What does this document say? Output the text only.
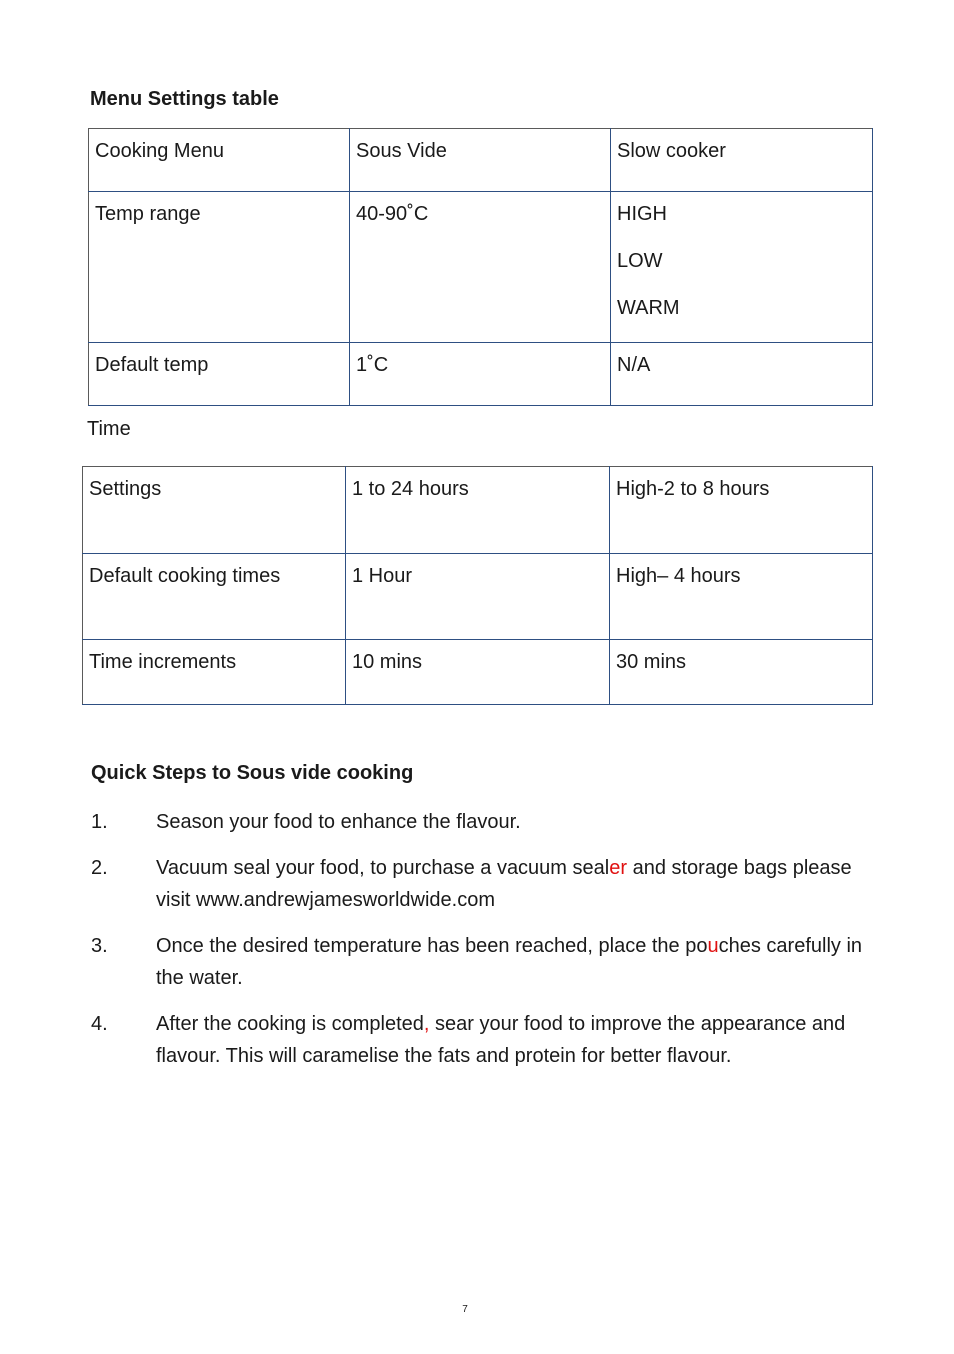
Menu Settings table
Cooking Menu	Sous Vide	Slow cooker
Temp range	40-90˚C	HIGH
LOW
WARM

Default temp	1˚C	N/A
Time
Settings	1 to 24 hours	High-2 to 8 hours
Default cooking times	1 Hour	High– 4 hours
Time increments	10 mins	30 mins
Quick Steps to Sous vide cooking
1.	Season your food to enhance the flavour.
2.	Vacuum seal your food, to purchase a vacuum sealer and storage bags please visit www.andrewjamesworldwide.com
3.	Once the desired temperature has been reached, place the pouches carefully in the water.
4.	After the cooking is completed, sear your food to improve the appearance and flavour. This will caramelise the fats and protein for better flavour.
7
